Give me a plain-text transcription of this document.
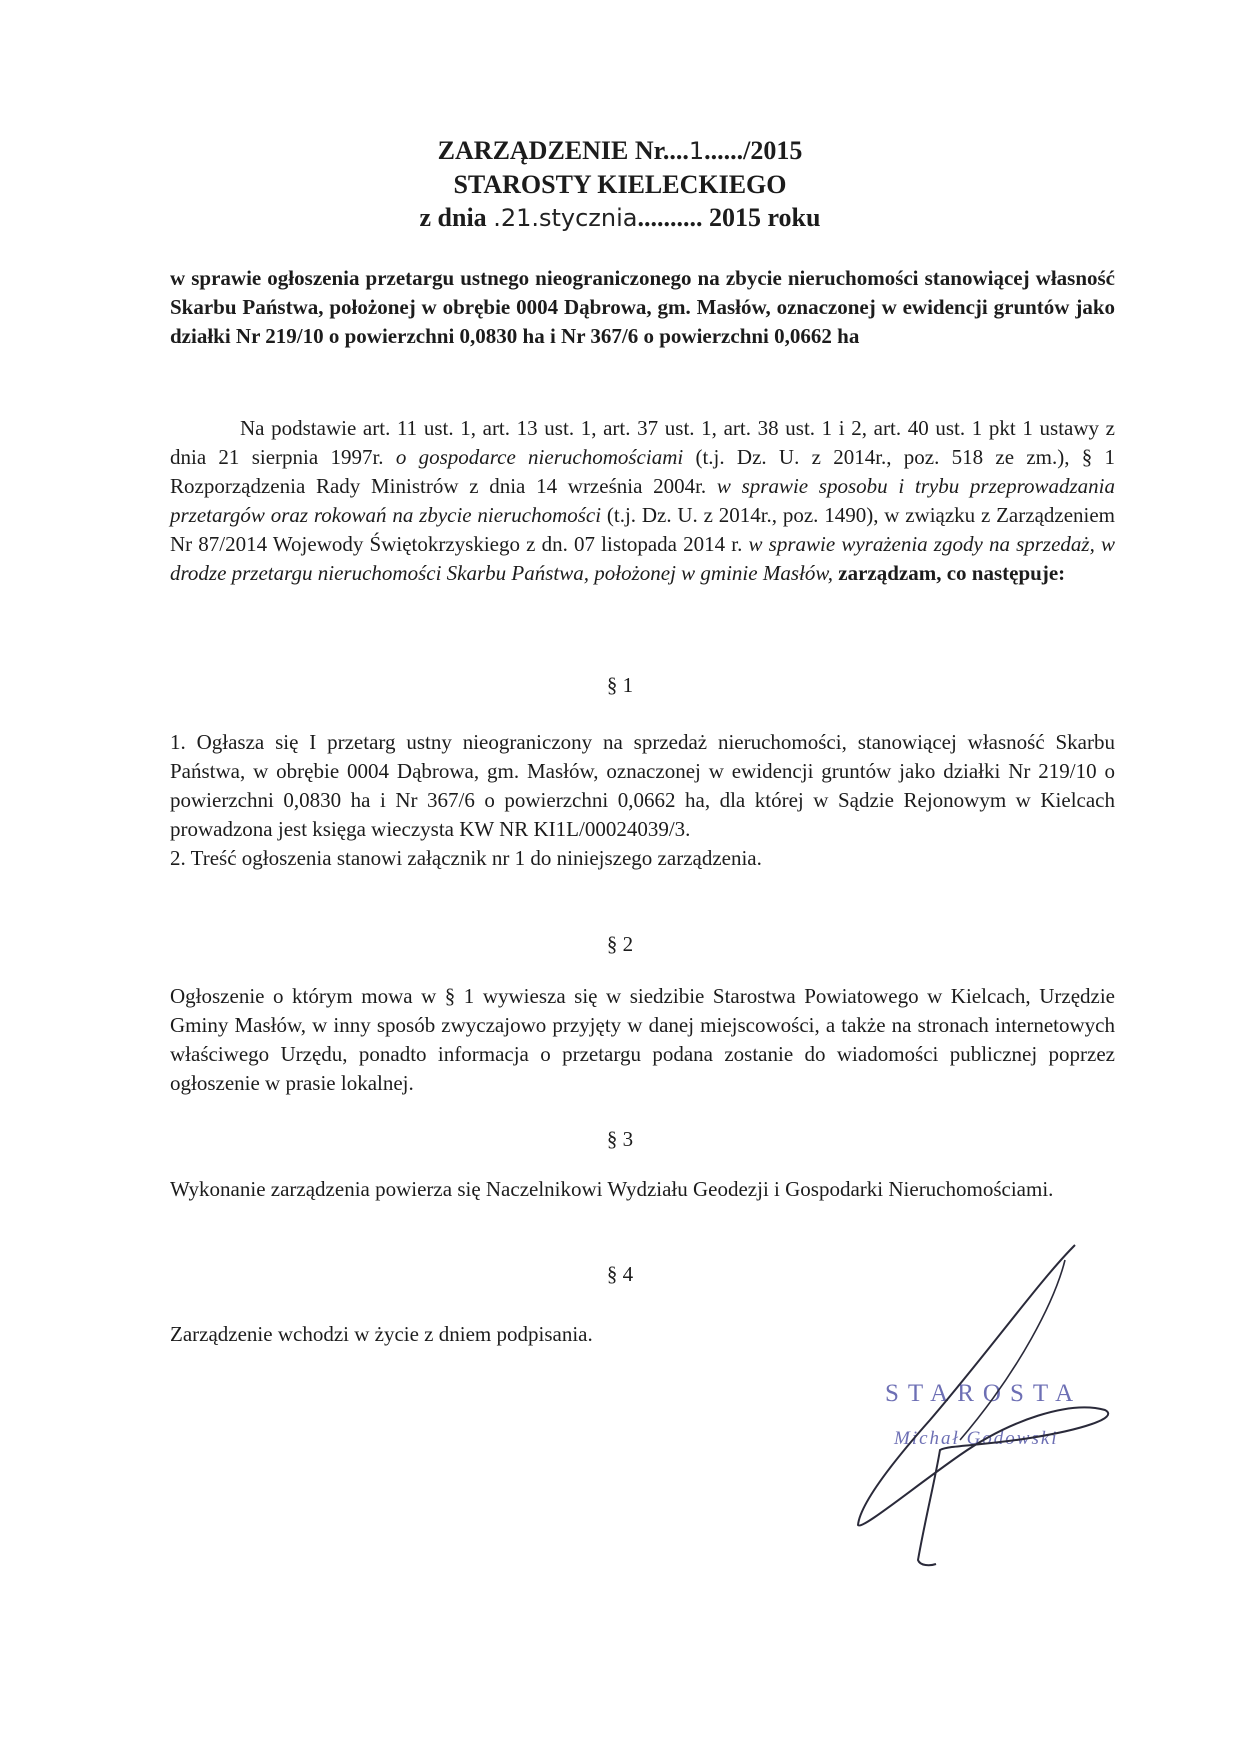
ZARZĄDZENIE Nr....1....../2015
STAROSTY KIELECKIEGO
z dnia .21.stycznia.......... 2015 roku
w sprawie ogłoszenia przetargu ustnego nieograniczonego na zbycie nieruchomości stanowiącej własność Skarbu Państwa, położonej w obrębie 0004 Dąbrowa, gm. Masłów, oznaczonej w ewidencji gruntów jako działki Nr 219/10 o powierzchni 0,0830 ha i Nr 367/6 o powierzchni 0,0662 ha
Na podstawie art. 11 ust. 1, art. 13 ust. 1, art. 37 ust. 1, art. 38 ust. 1 i 2, art. 40 ust. 1 pkt 1 ustawy z dnia 21 sierpnia 1997r. o gospodarce nieruchomościami (t.j. Dz. U. z 2014r., poz. 518 ze zm.), § 1 Rozporządzenia Rady Ministrów z dnia 14 września 2004r. w sprawie sposobu i trybu przeprowadzania przetargów oraz rokowań na zbycie nieruchomości (t.j. Dz. U. z 2014r., poz. 1490), w związku z Zarządzeniem Nr 87/2014 Wojewody Świętokrzyskiego z dn. 07 listopada 2014 r. w sprawie wyrażenia zgody na sprzedaż, w drodze przetargu nieruchomości Skarbu Państwa, położonej w gminie Masłów, zarządzam, co następuje:
§ 1

1. Ogłasza się I przetarg ustny nieograniczony na sprzedaż nieruchomości, stanowiącej własność Skarbu Państwa, w obrębie 0004 Dąbrowa, gm. Masłów, oznaczonej w ewidencji gruntów jako działki Nr 219/10 o powierzchni 0,0830 ha i Nr 367/6 o powierzchni 0,0662 ha, dla której w Sądzie Rejonowym w Kielcach prowadzona jest księga wieczysta KW NR KI1L/00024039/3.

2. Treść ogłoszenia stanowi załącznik nr 1 do niniejszego zarządzenia.

§ 2

Ogłoszenie o którym mowa w § 1 wywiesza się w siedzibie Starostwa Powiatowego w Kielcach, Urzędzie Gminy Masłów, w inny sposób zwyczajowo przyjęty w danej miejscowości, a także na stronach internetowych właściwego Urzędu, ponadto informacja o przetargu podana zostanie do wiadomości publicznej poprzez ogłoszenie w prasie lokalnej.

§ 3

Wykonanie zarządzenia powierza się Naczelnikowi Wydziału Geodezji i Gospodarki Nieruchomościami.

§ 4

Zarządzenie wchodzi w życie z dniem podpisania.

STAROSTA
Michał Godowski
